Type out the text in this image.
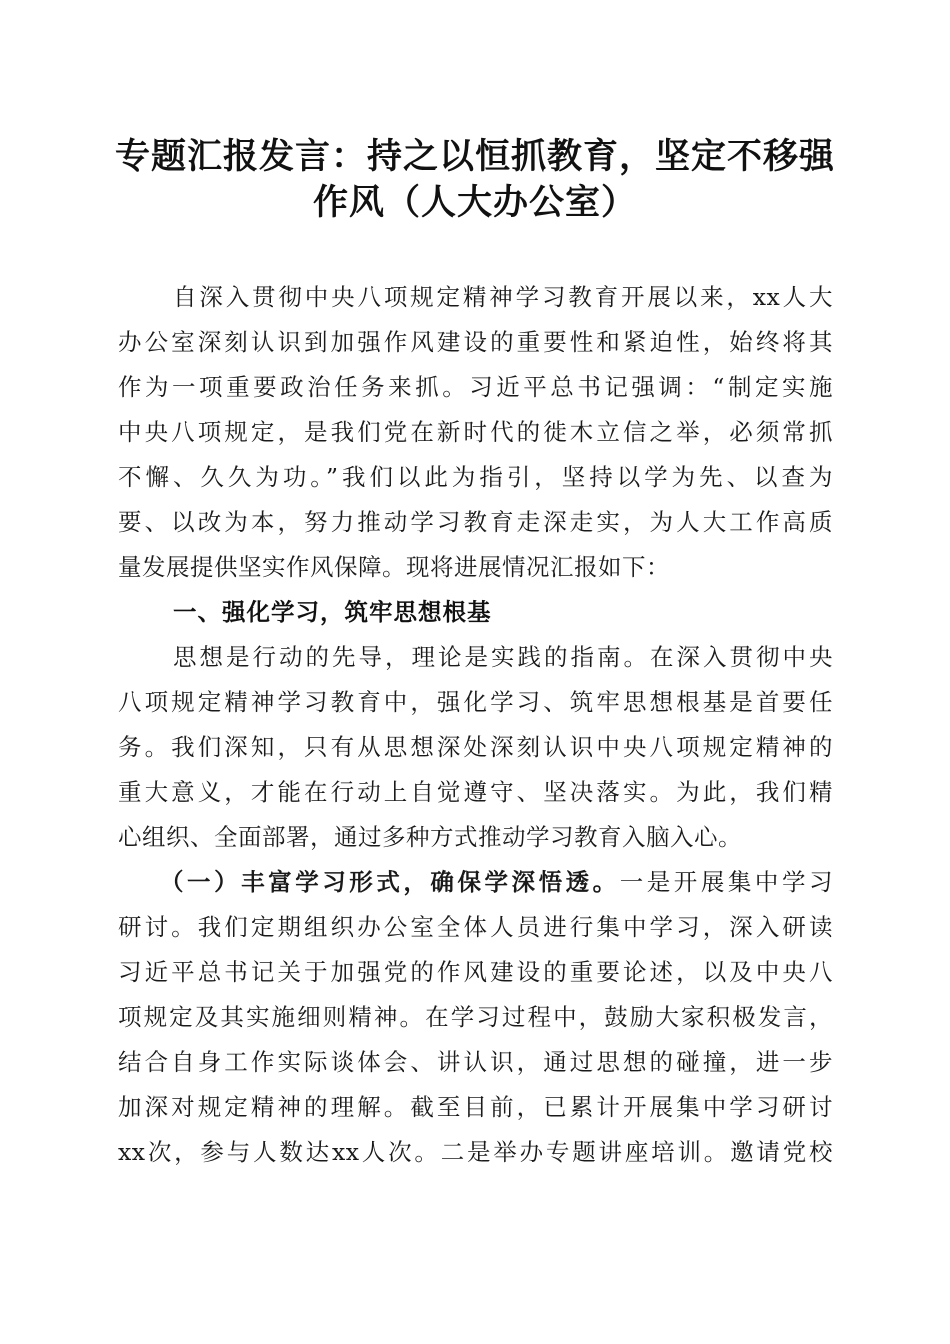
专题汇报发言：持之以恒抓教育，坚定不移强
作风（人大办公室）
自深入贯彻中央八项规定精神学习教育开展以来，xx人大
办公室深刻认识到加强作风建设的重要性和紧迫性，始终将其
作为一项重要政治任务来抓。习近平总书记强调：“制定实施
中央八项规定，是我们党在新时代的徙木立信之举，必须常抓
不懈、久久为功。”我们以此为指引，坚持以学为先、以查为
要、以改为本，努力推动学习教育走深走实，为人大工作高质
量发展提供坚实作风保障。现将进展情况汇报如下：
一、强化学习，筑牢思想根基
思想是行动的先导，理论是实践的指南。在深入贯彻中央
八项规定精神学习教育中，强化学习、筑牢思想根基是首要任
务。我们深知，只有从思想深处深刻认识中央八项规定精神的
重大意义，才能在行动上自觉遵守、坚决落实。为此，我们精
心组织、全面部署，通过多种方式推动学习教育入脑入心。
（一）丰富学习形式，确保学深悟透。一是开展集中学习
研讨。我们定期组织办公室全体人员进行集中学习，深入研读
习近平总书记关于加强党的作风建设的重要论述，以及中央八
项规定及其实施细则精神。在学习过程中，鼓励大家积极发言，
结合自身工作实际谈体会、讲认识，通过思想的碰撞，进一步
加深对规定精神的理解。截至目前，已累计开展集中学习研讨
xx次，参与人数达xx人次。二是举办专题讲座培训。邀请党校
